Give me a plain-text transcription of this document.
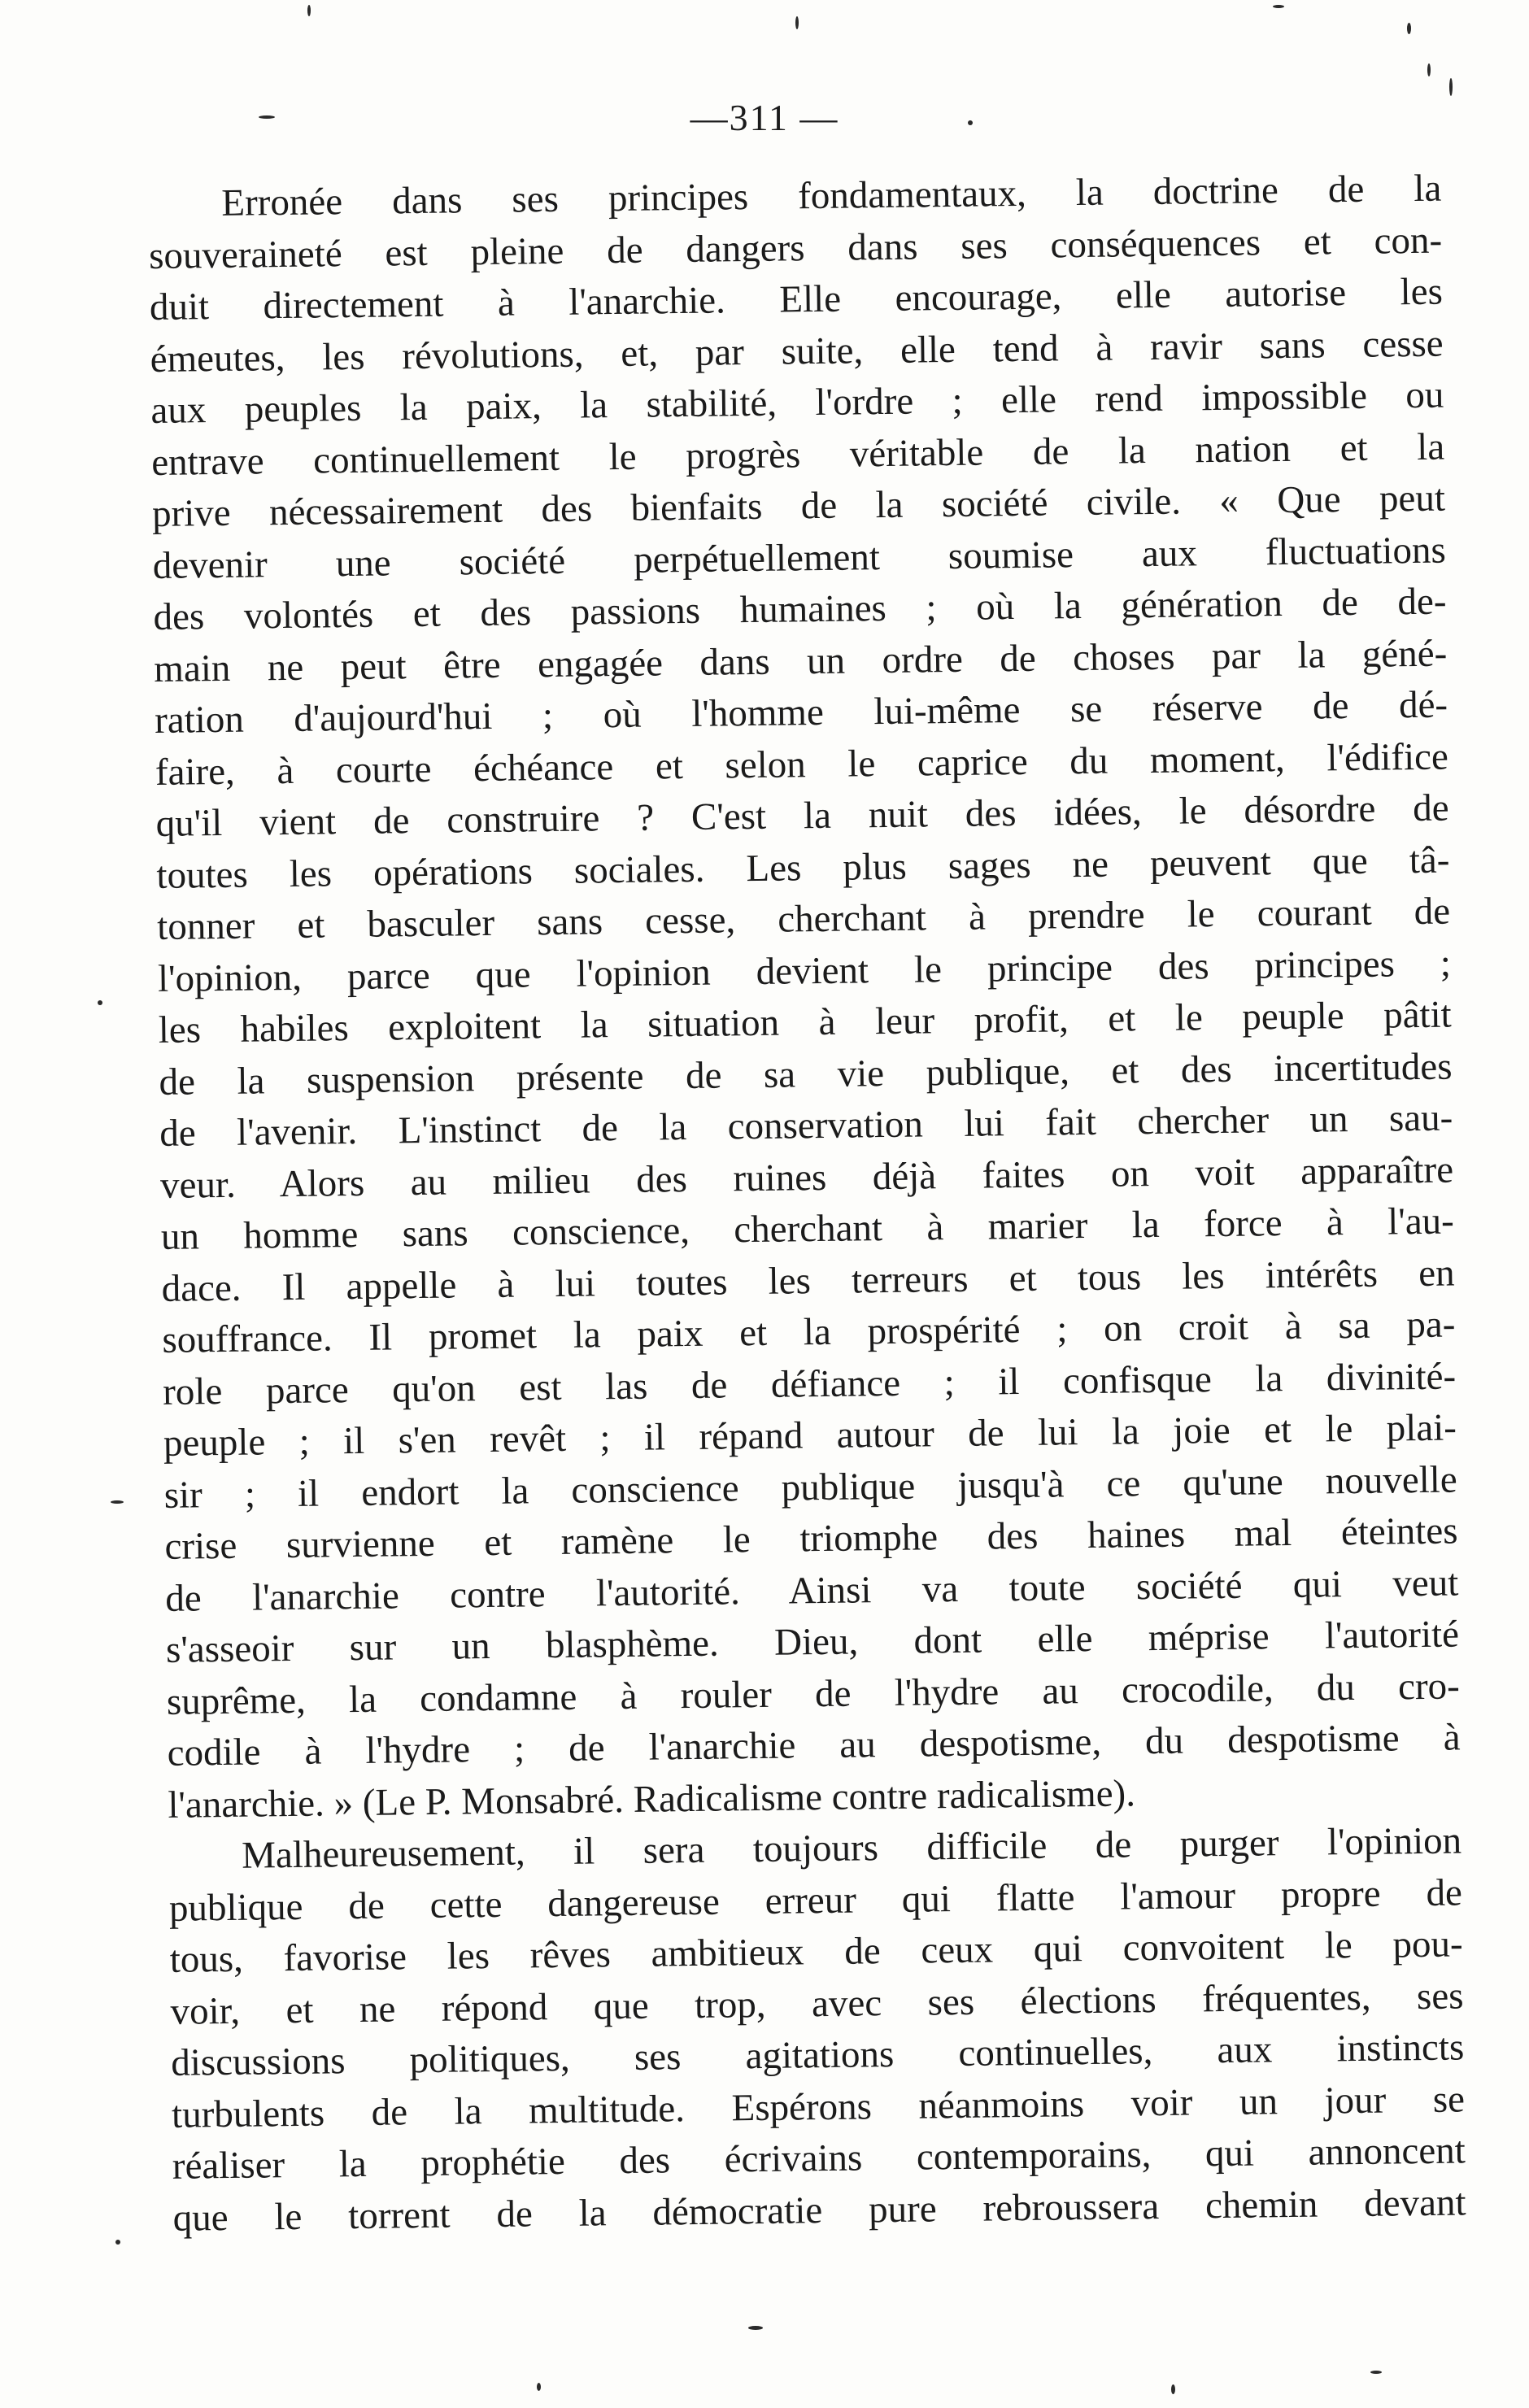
—311 —
Erronée dans ses principes fondamentaux, la doctrine de la
souveraineté est pleine de dangers dans ses conséquences et con-
duit directement à l'anarchie. Elle encourage, elle autorise les
émeutes, les révolutions, et, par suite, elle tend à ravir sans cesse
aux peuples la paix, la stabilité, l'ordre ; elle rend impossible ou
entrave continuellement le progrès véritable de la nation et la
prive nécessairement des bienfaits de la société civile. « Que peut
devenir une société perpétuellement soumise aux fluctuations
des volontés et des passions humaines ; où la génération de de-
main ne peut être engagée dans un ordre de choses par la géné-
ration d'aujourd'hui ; où l'homme lui-même se réserve de dé-
faire, à courte échéance et selon le caprice du moment, l'édifice
qu'il vient de construire ? C'est la nuit des idées, le désordre de
toutes les opérations sociales. Les plus sages ne peuvent que tâ-
tonner et basculer sans cesse, cherchant à prendre le courant de
l'opinion, parce que l'opinion devient le principe des principes ;
les habiles exploitent la situation à leur profit, et le peuple pâtit
de la suspension présente de sa vie publique, et des incertitudes
de l'avenir. L'instinct de la conservation lui fait chercher un sau-
veur. Alors au milieu des ruines déjà faites on voit apparaître
un homme sans conscience, cherchant à marier la force à l'au-
dace. Il appelle à lui toutes les terreurs et tous les intérêts en
souffrance. Il promet la paix et la prospérité ; on croit à sa pa-
role parce qu'on est las de défiance ; il confisque la divinité-
peuple ; il s'en revêt ; il répand autour de lui la joie et le plai-
sir ; il endort la conscience publique jusqu'à ce qu'une nouvelle
crise survienne et ramène le triomphe des haines mal éteintes
de l'anarchie contre l'autorité. Ainsi va toute société qui veut
s'asseoir sur un blasphème. Dieu, dont elle méprise l'autorité
suprême, la condamne à rouler de l'hydre au crocodile, du cro-
codile à l'hydre ; de l'anarchie au despotisme, du despotisme à
l'anarchie. » (Le P. Monsabré. Radicalisme contre radicalisme).
Malheureusement, il sera toujours difficile de purger l'opinion
publique de cette dangereuse erreur qui flatte l'amour propre de
tous, favorise les rêves ambitieux de ceux qui convoitent le pou-
voir, et ne répond que trop, avec ses élections fréquentes, ses
discussions politiques, ses agitations continuelles, aux instincts
turbulents de la multitude. Espérons néanmoins voir un jour se
réaliser la prophétie des écrivains contemporains, qui annoncent
que le torrent de la démocratie pure rebroussera chemin devant
